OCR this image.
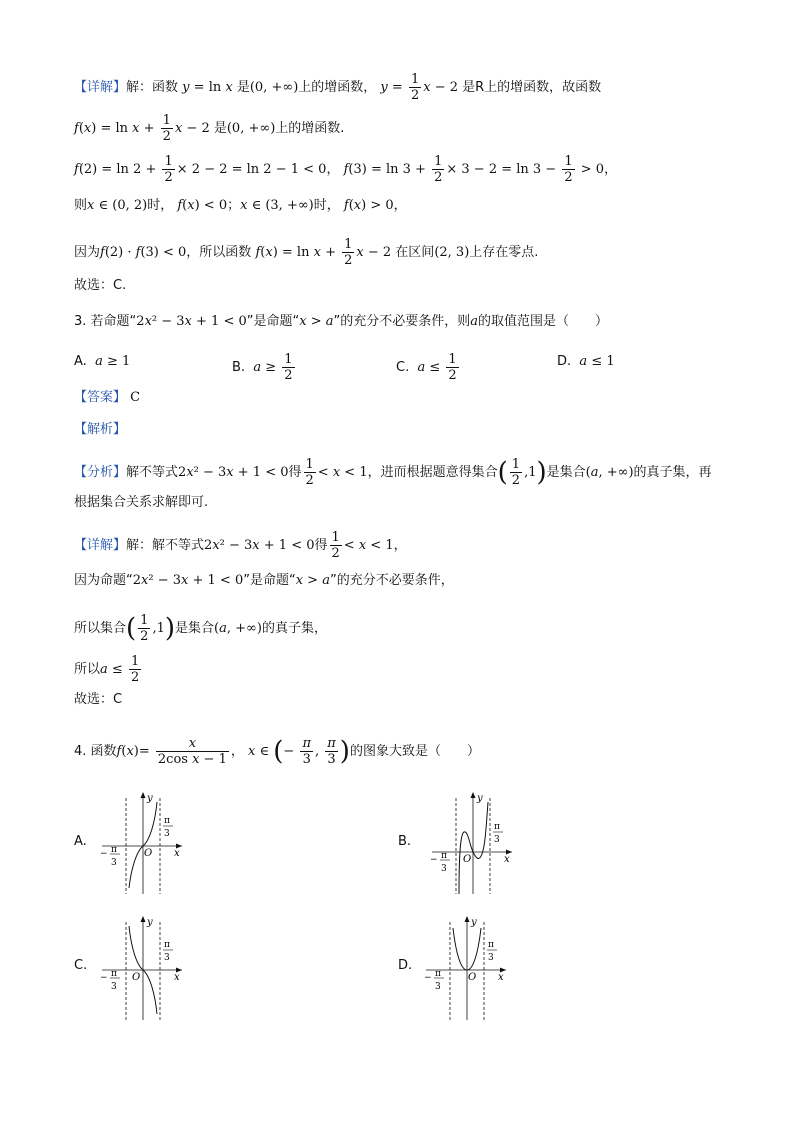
【详解】解：函数 y = ln x 是(0, +∞)上的增函数， $y = \frac{1}{2}$ x − 2 是R上的增函数，故函数
$f(x) = \ln x + \frac{1}{2}$ x − 2 是(0, +∞)上的增函数.
$f(2) = \ln 2 + \frac{1}{2} \times 2 - 2 = \ln 2 - 1 < 0$， $f(3) = \ln 3 + \frac{1}{2} \times 3 - 2 = \ln 3 - \frac{1}{2} > 0$，
则x ∈ (0, 2)时， f(x) < 0；x ∈ (3, +∞)时， f(x) > 0，
因为f(2) · f(3) < 0，所以函数 $f(x) = \ln x + \frac{1}{2}$ x − 2 在区间(2, 3)上存在零点.
故选：C.
3. 若命题“2x² − 3x + 1 < 0”是命题“x > a”的充分不必要条件，则a的取值范围是（　　）
A. a ≥ 1	B. $a \ge \frac{1}{2}$	C. $a \le \frac{1}{2}$	D. a ≤ 1
【答案】 C
【解析】
【分析】解不等式2x² − 3x + 1 < 0得 $\frac{1}{2} < x < 1$，进而根据题意得集合( $\frac{1}{2} ,1$)是集合(a, +∞)的真子集，再
根据集合关系求解即可.
【详解】解：解不等式2x² − 3x + 1 < 0得 $\frac{1}{2} < x < 1$，
因为命题“2x² − 3x + 1 < 0”是命题“x > a”的充分不必要条件，
所以集合( $\frac{1}{2} ,1$)是集合(a, +∞)的真子集，
所以$a \le \frac{1}{2}$
故选：C
4. 函数$f(x)= \frac{x}{\text{2cos x − 1}}$ ， x ∈ (− $\frac{\pi}{3}$ , $\frac{\pi}{3}$ )的图象大致是（　　）
A.	B.
C.	D.
y
x
O
π
3
− π
3
y
x
O
π
3
− π
3
y
x
O
π
3
− π
3
y
x
O
π
3
− π
3
